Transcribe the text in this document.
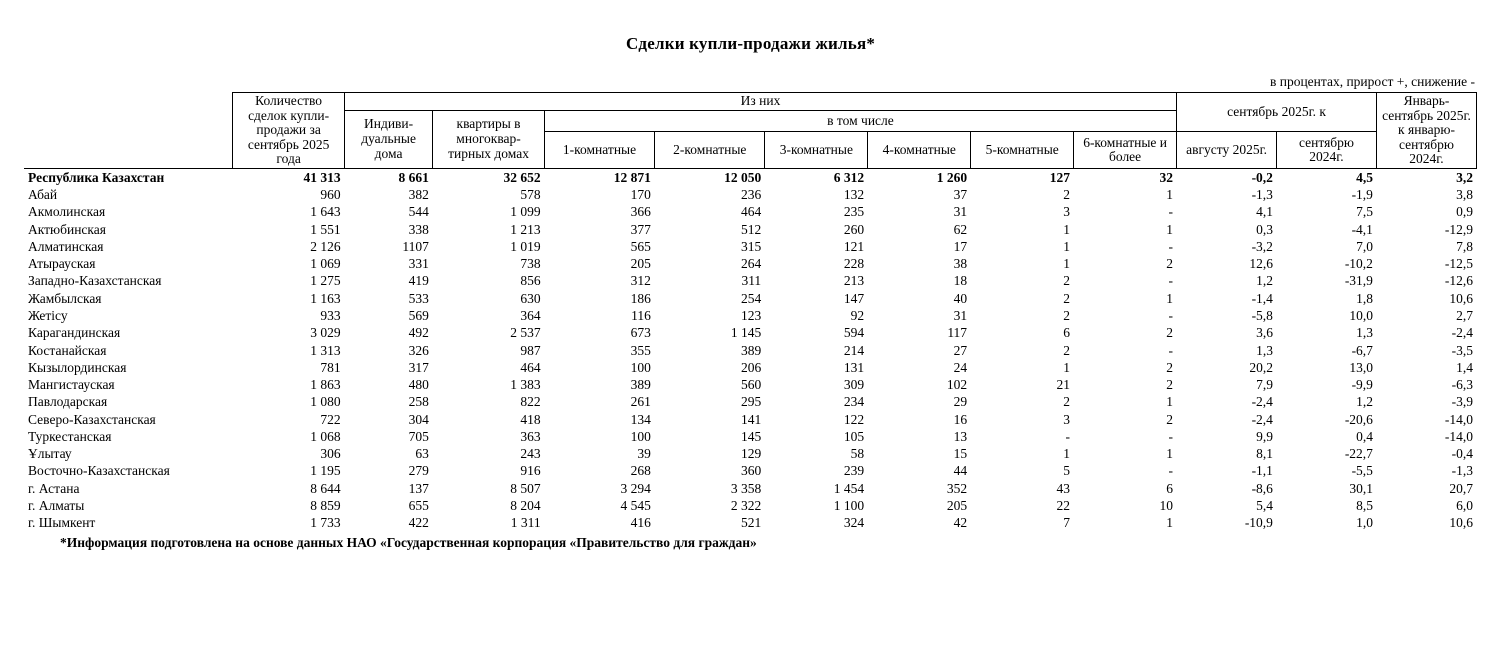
Сделки купли-продажи жилья*
в процентах, прирост +, снижение -
	Количество сделок купли-продажи за сентябрь 2025 года	Из них								сентябрь 2025г. к		Январь-сентябрь 2025г. к январю-сентябрю 2024г.
		Индиви-дуальные дома	квартиры в многоквар-тирных домах	в том числе								
				1-комнатные	2-комнатные	3-комнатные	4-комнатные	5-комнатные	6-комнатные и более	августу 2025г.	сентябрю 2024г.	

Республика Казахстан	41 313	8 661	32 652	12 871	12 050	6 312	1 260	127	32	-0,2	4,5	3,2
Абай	960	382	578	170	236	132	37	2	1	-1,3	-1,9	3,8
Акмолинская	1 643	544	1 099	366	464	235	31	3	-	4,1	7,5	0,9
Актюбинская	1 551	338	1 213	377	512	260	62	1	1	0,3	-4,1	-12,9
Алматинская	2 126	1107	1 019	565	315	121	17	1	-	-3,2	7,0	7,8
Атырауская	1 069	331	738	205	264	228	38	1	2	12,6	-10,2	-12,5
Западно-Казахстанская	1 275	419	856	312	311	213	18	2	-	1,2	-31,9	-12,6
Жамбылская	1 163	533	630	186	254	147	40	2	1	-1,4	1,8	10,6
Жетісу	933	569	364	116	123	92	31	2	-	-5,8	10,0	2,7
Карагандинская	3 029	492	2 537	673	1 145	594	117	6	2	3,6	1,3	-2,4
Костанайская	1 313	326	987	355	389	214	27	2	-	1,3	-6,7	-3,5
Кызылординская	781	317	464	100	206	131	24	1	2	20,2	13,0	1,4
Мангистауская	1 863	480	1 383	389	560	309	102	21	2	7,9	-9,9	-6,3
Павлодарская	1 080	258	822	261	295	234	29	2	1	-2,4	1,2	-3,9
Северо-Казахстанская	722	304	418	134	141	122	16	3	2	-2,4	-20,6	-14,0
Туркестанская	1 068	705	363	100	145	105	13	-	-	9,9	0,4	-14,0
Ұлытау	306	63	243	39	129	58	15	1	1	8,1	-22,7	-0,4
Восточно-Казахстанская	1 195	279	916	268	360	239	44	5	-	-1,1	-5,5	-1,3
г. Астана	8 644	137	8 507	3 294	3 358	1 454	352	43	6	-8,6	30,1	20,7
г. Алматы	8 859	655	8 204	4 545	2 322	1 100	205	22	10	5,4	8,5	6,0
г. Шымкент	1 733	422	1 311	416	521	324	42	7	1	-10,9	1,0	10,6
*Информация подготовлена на основе данных НАО «Государственная корпорация «Правительство для граждан»
